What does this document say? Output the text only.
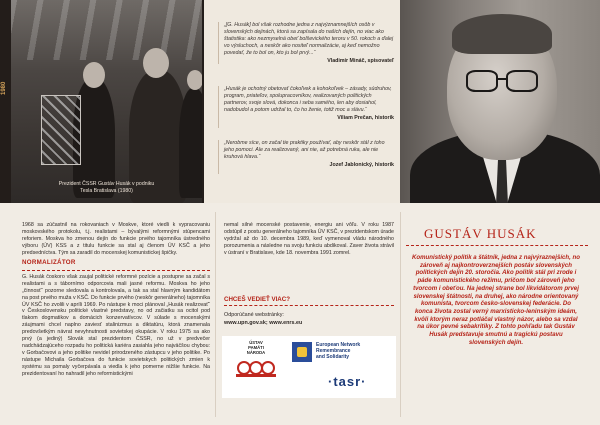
1980
Prezident ČSSR Gustáv Husák v podniku
Tesla Bratislava (1980)
„[G. Husák] bol však rozhodne jedna z najvýznamnejších osôb v slovenských dejinách, ktorá sa zapísala do našich dejín, no viac ako štatistika: ako nezmyselná obeť bolševického teroru v 50. rokoch a ďalej vo výsluchoch, a neskôr ako nositeľ normalizácie, aj keď nemožno povedať, že to bol on, kto ju bol prvý...“
Vladimír Mináč, spisovateľ
„Husák je ochotný obetovať čokoľvek a kohokoľvek – zásady, súdruhov, program, priateľov, spolupracovníkov, realizovaných politických partnerov, svoje slová, dokonca i seba samého, len aby dosiahol, nadobudol a potom udržal to, čo ho ženie, totiž moc a slávu.“
Viliam Prečan, historik
„Nerobme síce, on začal tie praktiky používať, aby neskôr stál z toho jeho pomoci. Ale za realizovaný, ani nie, až potrebná ruka, ale nie kruhová hlava.“
Jozef Jablonický, historik

1968 sa zúčastnil na rokovaniach v Moskve, ktoré viedli k vypracovaniu moskovského protokolu, t.j. realistami – bývalými reformnými stúpencami reforiem. Moskva ho zmenou dejín do funkcie prvého tajomníka ústredného výboru (ÚV) KSS a z titulu funkcie sa stal aj členom ÚV KSČ a jeho predsedníctva. Tým sa zaradil do mocenskej komunistickej špičky.

NORMALIZÁTOR

G. Husák čoskoro však zaujal politické reformné pozície a postupne sa začal s realistami a s tábornímo odporcovia mali jasné reformu. Moskva ho jeho „činnosť“ pozorne sledovala a kontrolovala, a tak sa stal hlavným kandidátom na post prvého muža v KSČ. Do funkcie prvého (neskôr generálneho) tajomníka ÚV KSČ ho zvolili v apríli 1969. Po nástupe k moci plánoval „Husák realizovať“ v Československu politické vlastné predstavy, no od začiatku sa ocitol pod tlakom dogmatikov a domácich konzervatívcov. V súlade s mocenskými záujmami chcel naplno zaviesť stalinizmus a diktatúru, ktorá znamenala predovšetkým návrat nevyhnutnosti sovietskej okupácie. V roku 1975 sa ako prvý (a jediný) Slovák stal prezidentom ČSSR, no už v predvečer nadchádzajúceho rozpadu ho politická kariéra zasiahla jeho najväčšou chybou: v Gorbačovovi a jeho politike nevidel prirodzeného zástupcu v jeho politike. Po nástupe Michaila Gorbačova do funkcie sovietskych politických zmien k systému sa pomaly vyčerpávala a viedla k jeho pomerne nižšie funkcie. Na prezidentovaní ho nahradil jeho reformistickými

nemal silné mocenské postavenie, energiu ani vôľu. V roku 1987 odstúpil z postu generálneho tajomníka ÚV KSČ, v prezidentskom úrade vydržal až do 10. decembra 1989, keď vymenoval vládu národného porozumenia a následne na svoju funkciu abdikoval. Zaver života strávil v ústraní v Bratislave, kde 18. novembra 1991 zomrel.

CHCEŠ VEDIEŤ VIAC?
Odporúčané webstránky:
www.upn.gov.sk; www.enrs.eu
ÚSTAV
PAMÄTI
NÁRODA
European Network
Remembrance
and Solidarity
·tasr·
GUSTÁV HUSÁK
Komunistický politik a štátnik, jedna z najvýraznejších, no zároveň aj najkontroverznejších postáv slovenských politických dejín 20. storočia. Ako politik stál pri zrode i páde komunistického režimu, pričom bol zároveň jeho tvorcom i obeťou. Na jednej strane bol likvidátorom prvej slovenskej štátnosti, na druhej, ako národne orientovaný komunista, tvorcom česko-slovenskej federácie. Do konca života zostal verný marxisticko-leninským ideám, kvôli ktorým neraz potláčal vlastný názor, alebo sa vzdal na úkor pevné sebakritiky. Z tohto pohľadu tak Gustáv Husák predstavuje smutnú a tragickú postavu slovenských dejín.
